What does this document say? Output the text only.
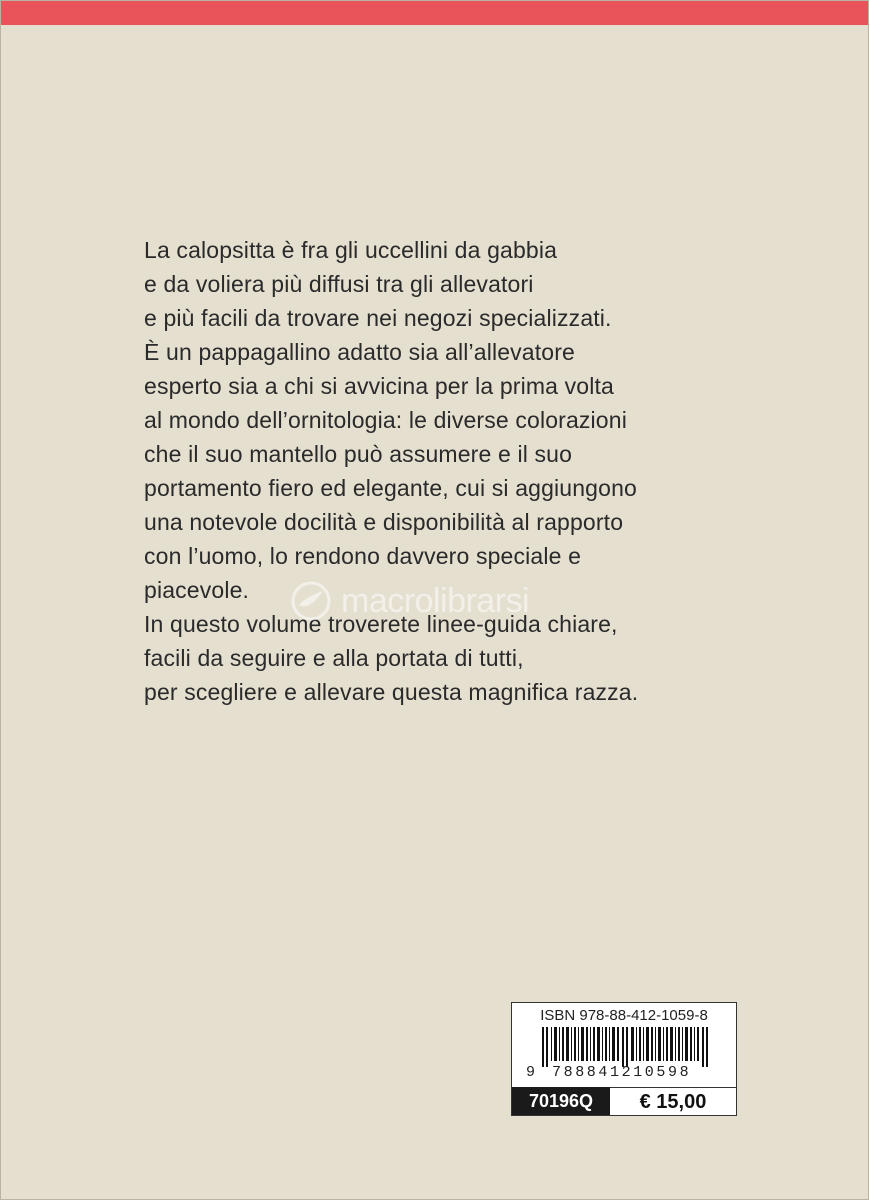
La calopsitta è fra gli uccellini da gabbia
e da voliera più diffusi tra gli allevatori
e più facili da trovare nei negozi specializzati.
È un pappagallino adatto sia all’allevatore
esperto sia a chi si avvicina per la prima volta
al mondo dell’ornitologia: le diverse colorazioni
che il suo mantello può assumere e il suo
portamento fiero ed elegante, cui si aggiungono
una notevole docilità e disponibilità al rapporto
con l’uomo, lo rendono davvero speciale e
piacevole.
In questo volume troverete linee-guida chiare,
facili da seguire e alla portata di tutti,
per scegliere e allevare questa magnifica razza.
macrolibrarsi
ISBN 978-88-412-1059-8
9 788841210598
70196Q	€ 15,00
